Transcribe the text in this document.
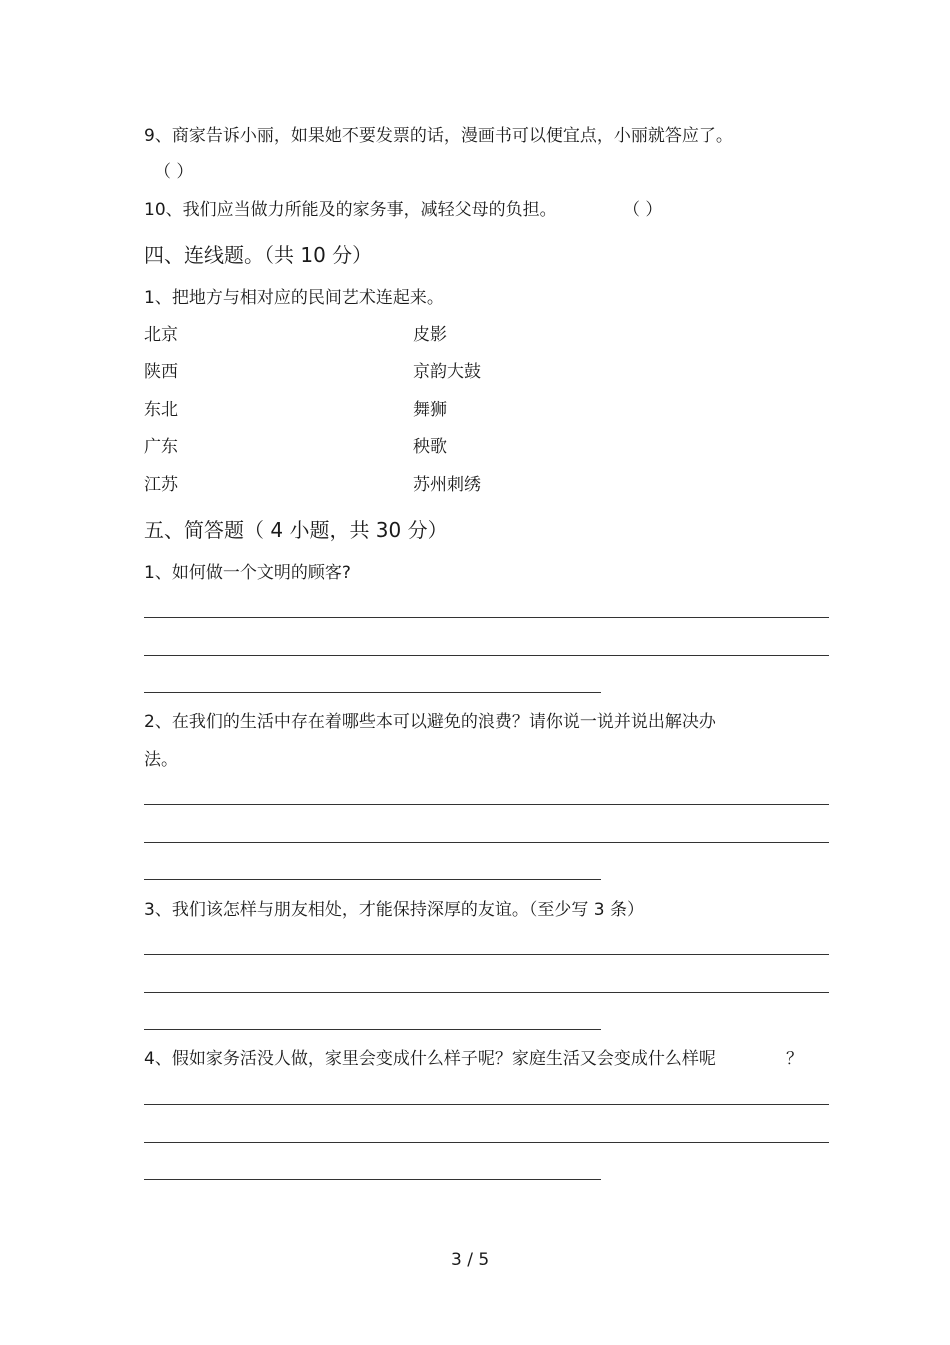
9、商家告诉小丽，如果她不要发票的话，漫画书可以便宜点，小丽就答应了。
（ ）
10、我们应当做力所能及的家务事，减轻父母的负担。	（ ）
四、连线题。（共 10 分）
1、把地方与相对应的民间艺术连起来。
北京
陕西
东北
广东
江苏
皮影
京韵大鼓
舞狮
秧歌
苏州刺绣
五、简答题（ 4 小题，共 30 分）
1、如何做一个文明的顾客?
2、在我们的生活中存在着哪些本可以避免的浪费？请你说一说并说出解决办
法。
3、我们该怎样与朋友相处，才能保持深厚的友谊。（至少写 3 条）
4、假如家务活没人做，家里会变成什么样子呢？家庭生活又会变成什么样呢	？
3 / 5
